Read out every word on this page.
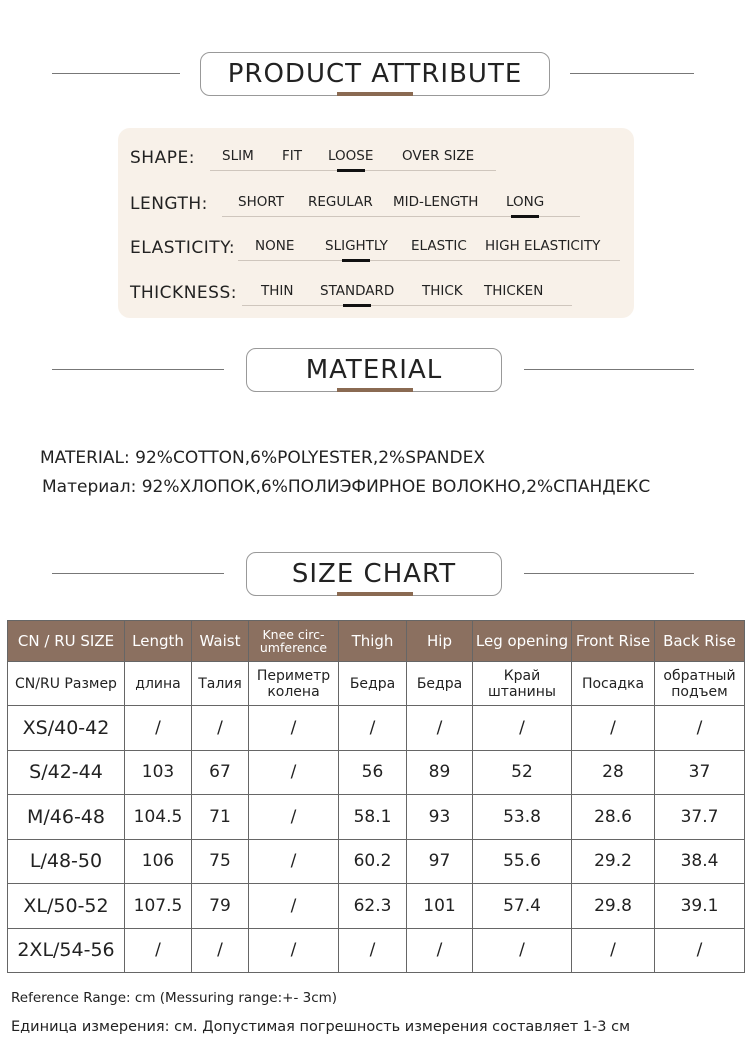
PRODUCT ATTRIBUTE
SHAPE: SLIM FIT LOOSE OVER SIZE
LENGTH: SHORT REGULAR MID-LENGTH LONG
ELASTICITY: NONE SLIGHTLY ELASTIC HIGH ELASTICITY
THICKNESS: THIN STANDARD THICK THICKEN
MATERIAL
MATERIAL: 92%COTTON,6%POLYESTER,2%SPANDEX
Материал: 92%ХЛОПОК,6%ПОЛИЭФИРНОЕ ВОЛОКНО,2%СПАНДЕКС
SIZE CHART
CN / RU SIZE	Length	Waist	Knee circ-umference	Thigh	Hip	Leg opening	Front Rise	Back Rise
CN/RU Размер	длина	Талия	Периметр колена	Бедра	Бедра	Край штанины	Посадка	обратный подъем
XS/40-42	/	/	/	/	/	/	/	/
S/42-44	103	67	/	56	89	52	28	37
M/46-48	104.5	71	/	58.1	93	53.8	28.6	37.7
L/48-50	106	75	/	60.2	97	55.6	29.2	38.4
XL/50-52	107.5	79	/	62.3	101	57.4	29.8	39.1
2XL/54-56	/	/	/	/	/	/	/	/
Reference Range: cm (Messuring range:+- 3cm)
Единица измерения: см. Допустимая погрешность измерения составляет 1-3 см
